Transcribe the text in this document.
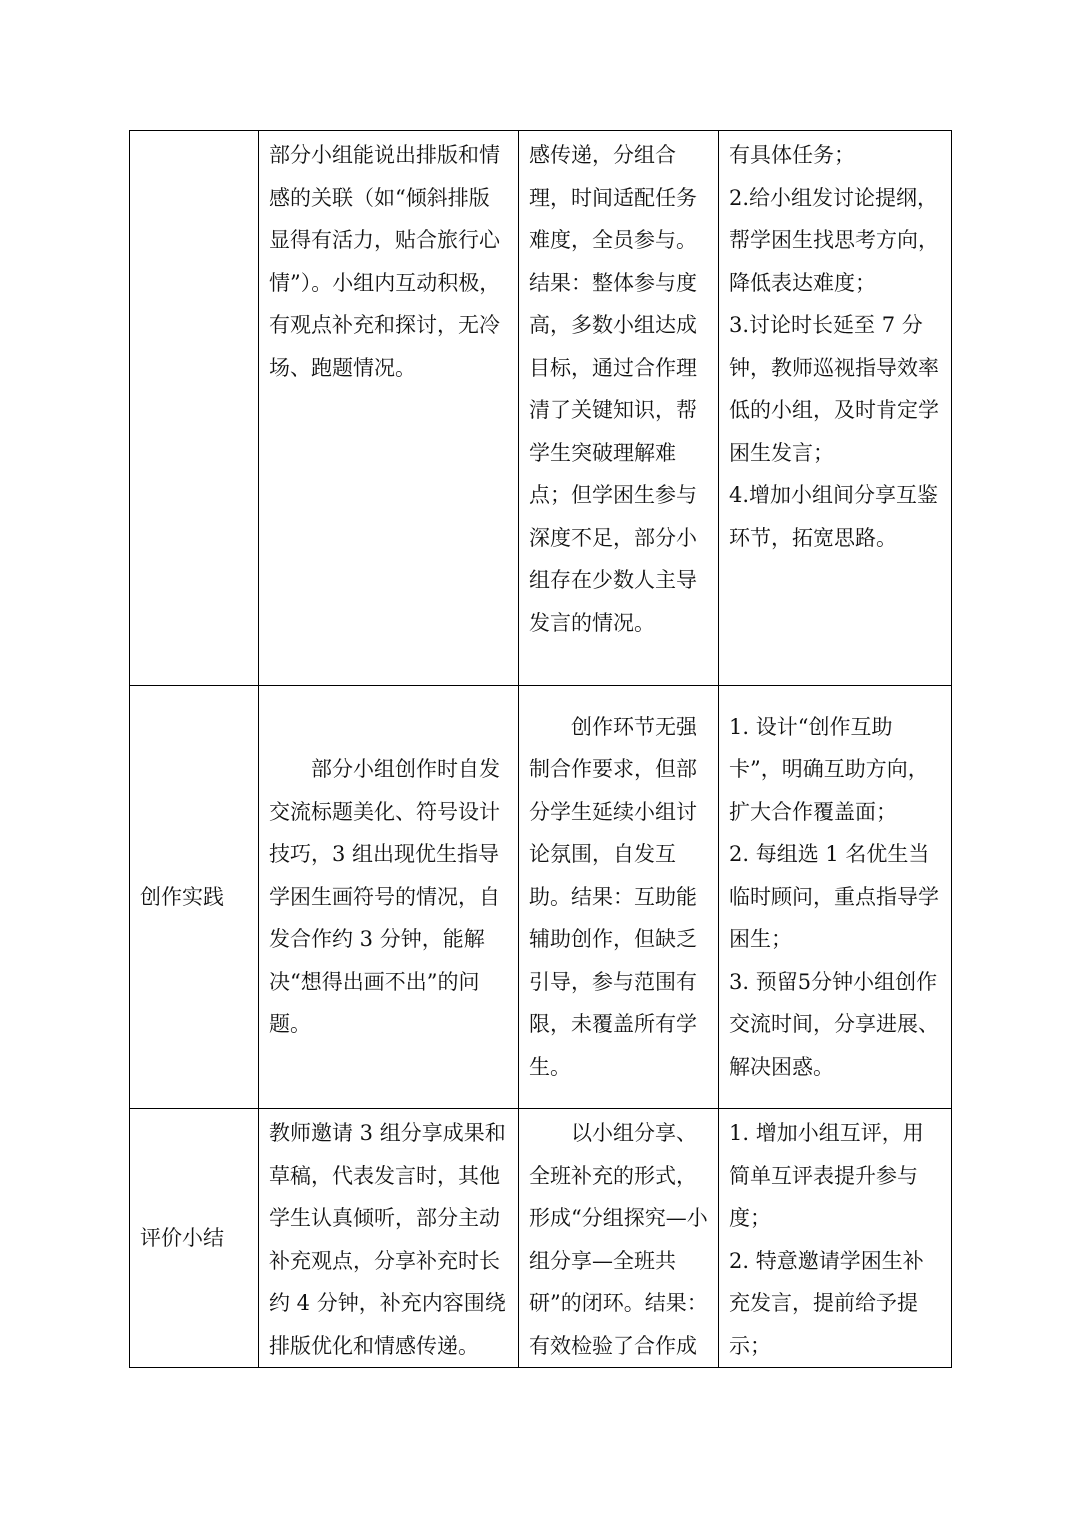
	部分小组能说出排版和情感的关联（如“倾斜排版显得有活力，贴合旅行心情”）。小组内互动积极，有观点补充和探讨，无冷场、跑题情况。	感传递，分组合理，时间适配任务难度，全员参与。结果：整体参与度高，多数小组达成目标，通过合作理清了关键知识，帮学生突破理解难点；但学困生参与深度不足，部分小组存在少数人主导发言的情况。	有具体任务；
2.给小组发讨论提纲，帮学困生找思考方向，降低表达难度；
3.讨论时长延至 7 分钟，教师巡视指导效率低的小组，及时肯定学困生发言；
4.增加小组间分享互鉴环节，拓宽思路。

创作实践	部分小组创作时自发交流标题美化、符号设计技巧，3 组出现优生指导学困生画符号的情况，自发合作约 3 分钟，能解决“想得出画不出”的问题。	创作环节无强制合作要求，但部分学生延续小组讨论氛围，自发互助。结果：互助能辅助创作，但缺乏引导，参与范围有限，未覆盖所有学生。	1. 设计“创作互助卡”，明确互助方向，扩大合作覆盖面；
2. 每组选 1 名优生当临时顾问，重点指导学困生；
3. 预留5分钟小组创作交流时间，分享进展、解决困惑。

评价小结	教师邀请 3 组分享成果和草稿，代表发言时，其他学生认真倾听，部分主动补充观点，分享补充时长约 4 分钟，补充内容围绕排版优化和情感传递。	以小组分享、全班补充的形式，形成“分组探究—小组分享—全班共研”的闭环。结果：有效检验了合作成	1. 增加小组互评，用简单互评表提升参与度；
2. 特意邀请学困生补充发言，提前给予提示；
